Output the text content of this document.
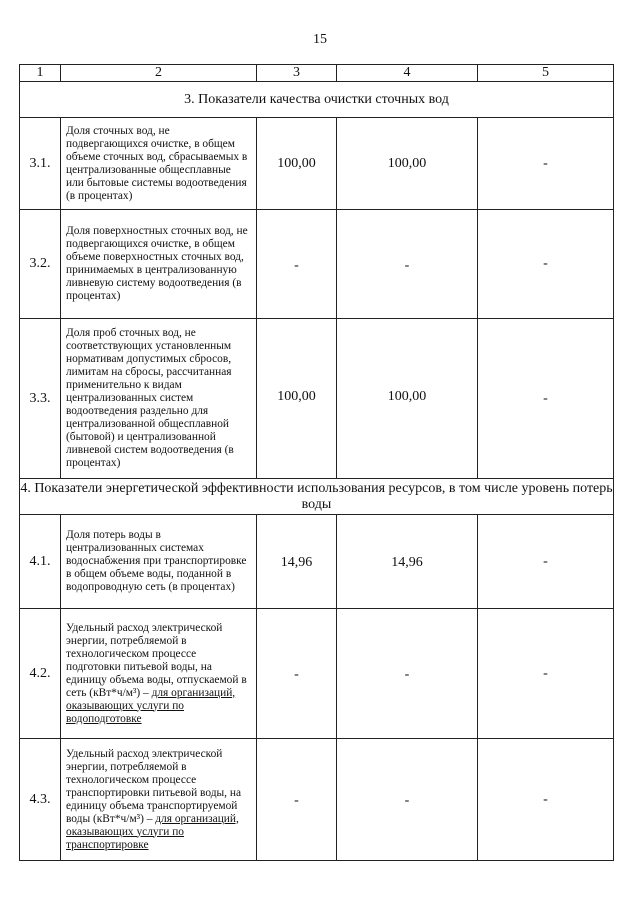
15
1	2	3	4	5
3. Показатели качества очистки сточных вод				
3.1.	Доля сточных вод, не подвергающихся очистке, в общем объеме сточных вод, сбрасываемых в централизованные общесплавные или бытовые системы водоотведения (в процентах)	100,00	100,00	-
3.2.	Доля поверхностных сточных вод, не подвергающихся очистке, в общем объеме поверхностных сточных вод, принимаемых в централизованную ливневую систему водоотведения (в процентах)	-	-	-
3.3.	Доля проб сточных вод, не соответствующих установленным нормативам допустимых сбросов, лимитам на сбросы, рассчитанная применительно к видам централизованных систем водоотведения раздельно для централизованной общесплавной (бытовой) и централизованной ливневой систем водоотведения (в процентах)	100,00	100,00	-
4. Показатели энергетической эффективности использования ресурсов, в том числе уровень потерь воды				
4.1.	Доля потерь воды в централизованных системах водоснабжения при транспортировке в общем объеме воды, поданной в водопроводную сеть (в процентах)	14,96	14,96	-
4.2.	Удельный расход электрической энергии, потребляемой в технологическом процессе подготовки питьевой воды, на единицу объема воды, отпускаемой в сеть (кВт*ч/м³) – для организаций, оказывающих услуги по водоподготовке	-	-	-
4.3.	Удельный расход электрической энергии, потребляемой в технологическом процессе транспортировки питьевой воды, на единицу объема транспортируемой воды (кВт*ч/м³) – для организаций, оказывающих услуги по транспортировке	-	-	-
